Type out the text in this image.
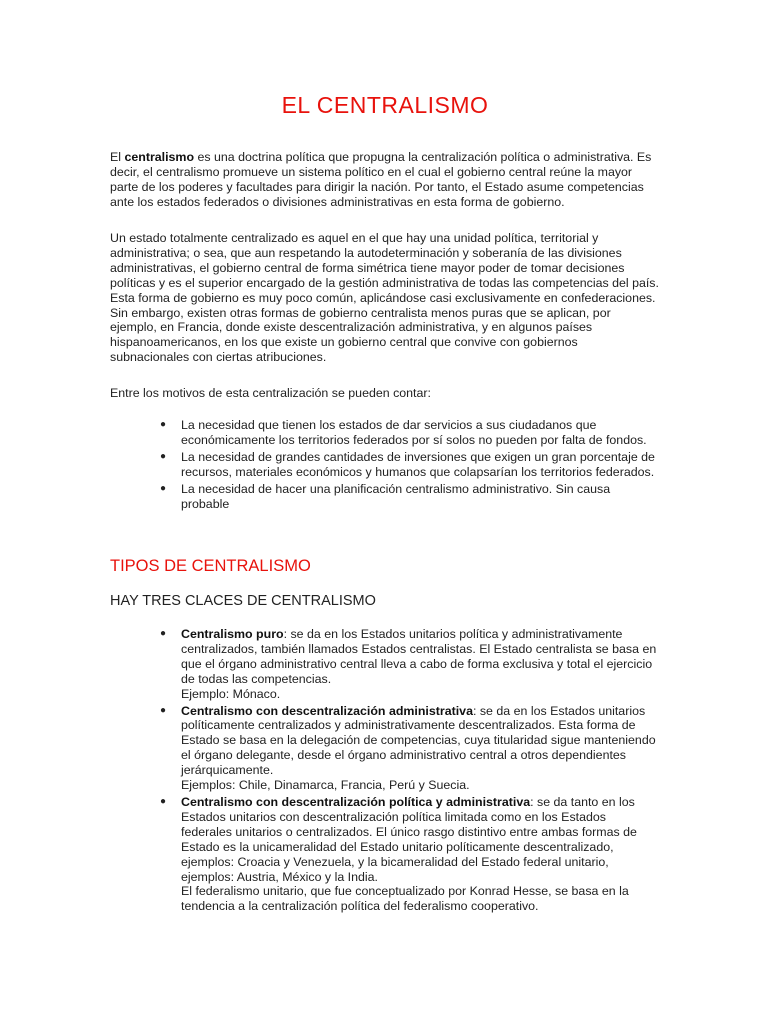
EL CENTRALISMO

El centralismo es una doctrina política que propugna la centralización política o administrativa. Es decir, el centralismo promueve un sistema político en el cual el gobierno central reúne la mayor parte de los poderes y facultades para dirigir la nación. Por tanto, el Estado asume competencias ante los estados federados o divisiones administrativas en esta forma de gobierno.

Un estado totalmente centralizado es aquel en el que hay una unidad política, territorial y administrativa; o sea, que aun respetando la autodeterminación y soberanía de las divisiones administrativas, el gobierno central de forma simétrica tiene mayor poder de tomar decisiones políticas y es el superior encargado de la gestión administrativa de todas las competencias del país. Esta forma de gobierno es muy poco común, aplicándose casi exclusivamente en confederaciones. Sin embargo, existen otras formas de gobierno centralista menos puras que se aplican, por ejemplo, en Francia, donde existe descentralización administrativa, y en algunos países hispanoamericanos, en los que existe un gobierno central que convive con gobiernos subnacionales con ciertas atribuciones.

Entre los motivos de esta centralización se pueden contar:

● La necesidad que tienen los estados de dar servicios a sus ciudadanos que económicamente los territorios federados por sí solos no pueden por falta de fondos.
● La necesidad de grandes cantidades de inversiones que exigen un gran porcentaje de recursos, materiales económicos y humanos que colapsarían los territorios federados.
● La necesidad de hacer una planificación centralismo administrativo. Sin causa probable
TIPOS DE CENTRALISMO

HAY TRES CLACES DE CENTRALISMO

● Centralismo puro: se da en los Estados unitarios política y administrativamente centralizados, también llamados Estados centralistas. El Estado centralista se basa en que el órgano administrativo central lleva a cabo de forma exclusiva y total el ejercicio de todas las competencias.
Ejemplo: Mónaco.
● Centralismo con descentralización administrativa: se da en los Estados unitarios políticamente centralizados y administrativamente descentralizados. Esta forma de Estado se basa en la delegación de competencias, cuya titularidad sigue manteniendo el órgano delegante, desde el órgano administrativo central a otros dependientes jerárquicamente.
Ejemplos: Chile, Dinamarca, Francia, Perú y Suecia.
● Centralismo con descentralización política y administrativa: se da tanto en los Estados unitarios con descentralización política limitada como en los Estados federales unitarios o centralizados. El único rasgo distintivo entre ambas formas de Estado es la unicameralidad del Estado unitario políticamente descentralizado, ejemplos: Croacia y Venezuela, y la bicameralidad del Estado federal unitario, ejemplos: Austria, México y la India.
El federalismo unitario, que fue conceptualizado por Konrad Hesse, se basa en la tendencia a la centralización política del federalismo cooperativo.
